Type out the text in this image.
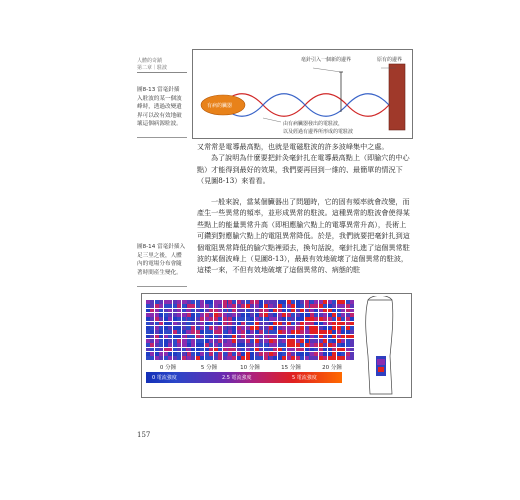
人體的奇蹟
第二章｜駐波
圖8-13 當毫針插入駐波的某一個波峰時，透過改變遺界可以改有效地破壞這個病源駐波。
圖8-14 當毫針插入足三里之後，人體內的電場分布會隨著時間產生變化。
毫針引入一個新的邊界	原有的邊界
有病的臟器
由有病臟器發出的電駐波，
以及經過有邊界所形成的電駐波

又常常是電導最高點，也就是電磁駐波的許多波峰集中之處。

為了說明為什麼要把針灸毫針扎在電導最高點上（即腧穴的中心點）才能得到最好的效果，我們要再回到一維的、最簡單的情況下（見圖8-13）來看看。

一般來說，當某個臟器出了問題時，它的固有頻率就會改變，而產生一些異常的頻率，並形成異常的駐波。這種異常的駐波會使得某些點上的能量異常升高（即相應腧穴點上的電導異常升高），長術上可鑽到對應腧穴點上的電阻異常降低。於是，我們就要把毫針扎到這個電阻異常降低的腧穴點裡頭去，換句話說，毫針扎進了這個異常駐波的某個波峰上（見圖8-13），最最有效地破壞了這個異常的駐波，這樣一來，不但有效地破壞了這個異常的、病態的駐

0 分鐘	5 分鐘	10 分鐘	15 分鐘	20 分鐘
0 電流強度	2.5 電流強度	5 電流強度
157
